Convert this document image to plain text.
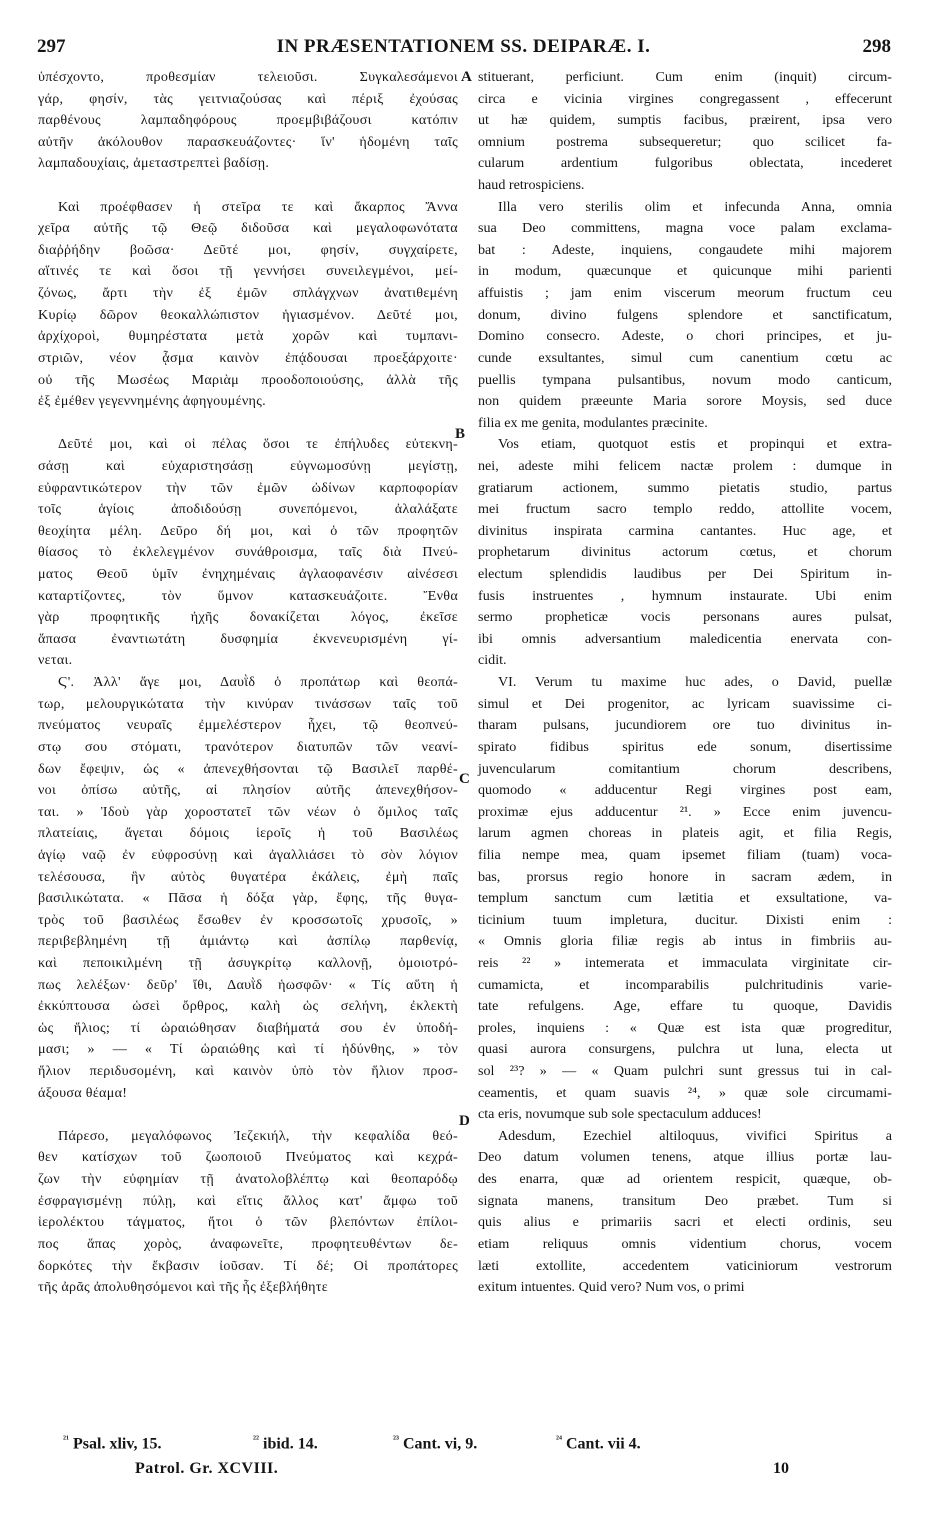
297	IN PRÆSENTATIONEM SS. DEIPARÆ. I.	298
ὑπέσχοντο, προθεσμίαν τελειοῦσι. Συγκαλεσάμενοι
γάρ, φησίν, τὰς γειτνιαζούσας καὶ πέριξ ἐχούσας
παρθένους λαμπαδηφόρους προεμβιβάζουσι κατόπιν
αὐτῆν ἀκόλουθον παρασκευάζοντες· ἵν' ἡδομένη ταῖς
λαμπαδουχίαις, ἀμεταστρεπτεὶ βαδίσῃ.
Καὶ προέφθασεν ἡ στεῖρα τε καὶ ἄκαρπος Ἄννα
χεῖρα αὐτῆς τῷ Θεῷ διδοῦσα καὶ μεγαλοφωνότατα
διαῤῥήδην βοῶσα· Δεῦτέ μοι, φησίν, συγχαίρετε,
αἵτινές τε καὶ ὅσοι τῇ γεννήσει συνειλεγμένοι, μεί-
ζόνως, ἄρτι τὴν ἐξ ἐμῶν σπλάγχνων ἀνατιθεμένη
Κυρίῳ δῶρον θεοκαλλώπιστον ἡγιασμένον. Δεῦτέ μοι,
ἀρχίχοροὶ, θυμηρέστατα μετὰ χορῶν καὶ τυμπανι-
στριῶν, νέον ᾆσμα καινὸν ἐπᾴδουσαι προεξάρχοιτε·
οὐ τῆς Μωσέως Μαριὰμ προοδοποιούσης, ἀλλὰ τῆς
ἐξ ἐμέθεν γεγεννημένης ἀφηγουμένης.
Δεῦτέ μοι, καὶ οἱ πέλας ὅσοι τε ἐπήλυδες εὐτεκνη-
σάσῃ καὶ εὐχαριστησάσῃ εὐγνωμοσύνῃ μεγίστῃ,
εὐφραντικώτερον τὴν τῶν ἐμῶν ὠδίνων καρποφορίαν
τοῖς ἁγίοις ἀποδιδούσῃ συνεπόμενοι, ἀλαλάξατε
θεοχίητα μέλη. Δεῦρο δή μοι, καὶ ὁ τῶν προφητῶν
θίασος τὸ ἐκλελεγμένον συνάθροισμα, ταῖς διὰ Πνεύ-
ματος Θεοῦ ὑμῖν ἐνηχημέναις ἀγλαοφανέσιν αἰνέσεσι
καταρτίζοντες, τὸν ὕμνον κατασκευάζοιτε. Ἔνθα
γὰρ προφητικῆς ἠχῆς δονακίζεται λόγος, ἐκεῖσε
ἅπασα ἐναντιωτάτη δυσφημία ἐκνενευρισμένη γί-
νεται.
Ϛ'. Ἀλλ' ἄγε μοι, Δαυῒδ ὁ προπάτωρ καὶ θεοπά-
τωρ, μελουργικώτατα τὴν κινύραν τινάσσων ταῖς τοῦ
πνεύματος νευραῖς ἐμμελέστερον ἦχει, τῷ θεοπνεύ-
στῳ σου στόματι, τρανότερον διατυπῶν τῶν νεανί-
δων ἔφεψιν, ὡς « ἀπενεχθήσονται τῷ Βασιλεῖ παρθέ-
νοι ὀπίσω αὐτῆς, αἱ πλησίον αὐτῆς ἀπενεχθήσον-
ται. » Ἰδοὺ γὰρ χοροστατεῖ τῶν νέων ὁ ὅμιλος ταῖς
πλατείαις, ἄγεται δόμοις ἱεροῖς ἡ τοῦ Βασιλέως
ἁγίῳ ναῷ ἐν εὐφροσύνῃ καὶ ἀγαλλιάσει τὸ σὸν λόγιον
τελέσουσα, ἣν αὐτὸς θυγατέρα ἐκάλεις, ἐμὴ παῖς
βασιλικώτατα. « Πᾶσα ἡ δόξα γὰρ, ἔφης, τῆς θυγα-
τρὸς τοῦ βασιλέως ἔσωθεν ἐν κροσσωτοῖς χρυσοῖς, »
περιβεβλημένη τῇ ἀμιάντῳ καὶ ἀσπίλῳ παρθενίᾳ,
καὶ πεποικιλμένη τῇ ἀσυγκρίτῳ καλλονῇ, ὁμοιοτρό-
πως λελέξων· δεῦρ' ἴθι, Δαυῒδ ἡωσφῶν· « Τίς αὕτη ἡ
ἐκκύπτουσα ὡσεὶ ὄρθρος, καλὴ ὡς σελήνη, ἐκλεκτὴ
ὡς ἥλιος; τί ὡραιώθησαν διαβήματά σου ἐν ὑποδή-
μασι; » — « Τί ὡραιώθης καὶ τί ἡδύνθης, » τὸν
ἥλιον περιδυσομένη, καὶ καινὸν ὑπὸ τὸν ἥλιον προσ-
άξουσα θέαμα!
Πάρεσο, μεγαλόφωνος Ἰεζεκιήλ, τὴν κεφαλίδα θεό-
θεν κατίσχων τοῦ ζωοποιοῦ Πνεύματος καὶ κεχρά-
ζων τὴν εὐφημίαν τῇ ἀνατολοβλέπτῳ καὶ θεοπαρόδῳ
ἐσφραγισμένῃ πύλῃ, καὶ εἴτις ἄλλος κατ' ἄμφω τοῦ
ἱερολέκτου τάγματος, ἤτοι ὁ τῶν βλεπόντων ἐπίλοι-
πος ἅπας χορὸς, ἀναφωνεῖτε, προφητευθέντων δε-
δορκότες τὴν ἔκβασιν ἰοῦσαν. Τί δέ; Οἱ προπάτορες
τῆς ἀρᾶς ἀπολυθησόμενοι καὶ τῆς ἧς ἐξεβλήθητε
stituerant, perficiunt. Cum enim (inquit) circum-
circa e vicinia virgines congregassent , effecerunt
ut hæ quidem, sumptis facibus, præirent, ipsa vero
omnium postrema subsequeretur; quo scilicet fa-
cularum ardentium fulgoribus oblectata, incederet
haud retrospiciens.
Illa vero sterilis olim et infecunda Anna, omnia
sua Deo committens, magna voce palam exclama-
bat : Adeste, inquiens, congaudete mihi majorem
in modum, quæcunque et quicunque mihi parienti
affuistis ; jam enim viscerum meorum fructum ceu
donum, divino fulgens splendore et sanctificatum,
Domino consecro. Adeste, o chori principes, et ju-
cunde exsultantes, simul cum canentium cœtu ac
puellis tympana pulsantibus, novum modo canticum,
non quidem præeunte Maria sorore Moysis, sed duce
filia ex me genita, modulantes præcinite.
Vos etiam, quotquot estis et propinqui et extra-
nei, adeste mihi felicem nactæ prolem : dumque in
gratiarum actionem, summo pietatis studio, partus
mei fructum sacro templo reddo, attollite vocem,
divinitus inspirata carmina cantantes. Huc age, et
prophetarum divinitus actorum cœtus, et chorum
electum splendidis laudibus per Dei Spiritum in-
fusis instruentes , hymnum instaurate. Ubi enim
sermo propheticæ vocis personans aures pulsat,
ibi omnis adversantium maledicentia enervata con-
cidit.
VI. Verum tu maxime huc ades, o David, puellæ
simul et Dei progenitor, ac lyricam suavissime ci-
tharam pulsans, jucundiorem ore tuo divinitus in-
spirato fidibus spiritus ede sonum, disertissime
juvencularum comitantium chorum describens,
quomodo « adducentur Regi virgines post eam,
proximæ ejus adducentur ²¹. » Ecce enim juvencu-
larum agmen choreas in plateis agit, et filia Regis,
filia nempe mea, quam ipsemet filiam (tuam) voca-
bas, prorsus regio honore in sacram ædem, in
templum sanctum cum lætitia et exsultatione, va-
ticinium tuum impletura, ducitur. Dixisti enim :
« Omnis gloria filiæ regis ab intus in fimbriis au-
reis ²² » intemerata et immaculata virginitate cir-
cumamicta, et incomparabilis pulchritudinis varie-
tate refulgens. Age, effare tu quoque, Davidis
proles, inquiens : « Quæ est ista quæ progreditur,
quasi aurora consurgens, pulchra ut luna, electa ut
sol ²³? » — « Quam pulchri sunt gressus tui in cal-
ceamentis, et quam suavis ²⁴, » quæ sole circumami-
cta eris, novumque sub sole spectaculum adduces!
Adesdum, Ezechiel altiloquus, vivifici Spiritus a
Deo datum volumen tenens, atque illius portæ lau-
des enarra, quæ ad orientem respicit, quæque, ob-
signata manens, transitum Deo præbet. Tum si
quis alius e primariis sacri et electi ordinis, seu
etiam reliquus omnis videntium chorus, vocem
læti extollite, accedentem vaticiniorum vestrorum
exitum intuentes. Quid vero? Num vos, o primi
A
B
C
D
$^{^{21}}$ Psal. xliv, 15.	$^{^{22}}$ ibid. 14.	$^{^{23}}$ Cant. vi, 9.	$^{^{24}}$ Cant. vii 4.
Patrol. Gr. XCVIII.	10
